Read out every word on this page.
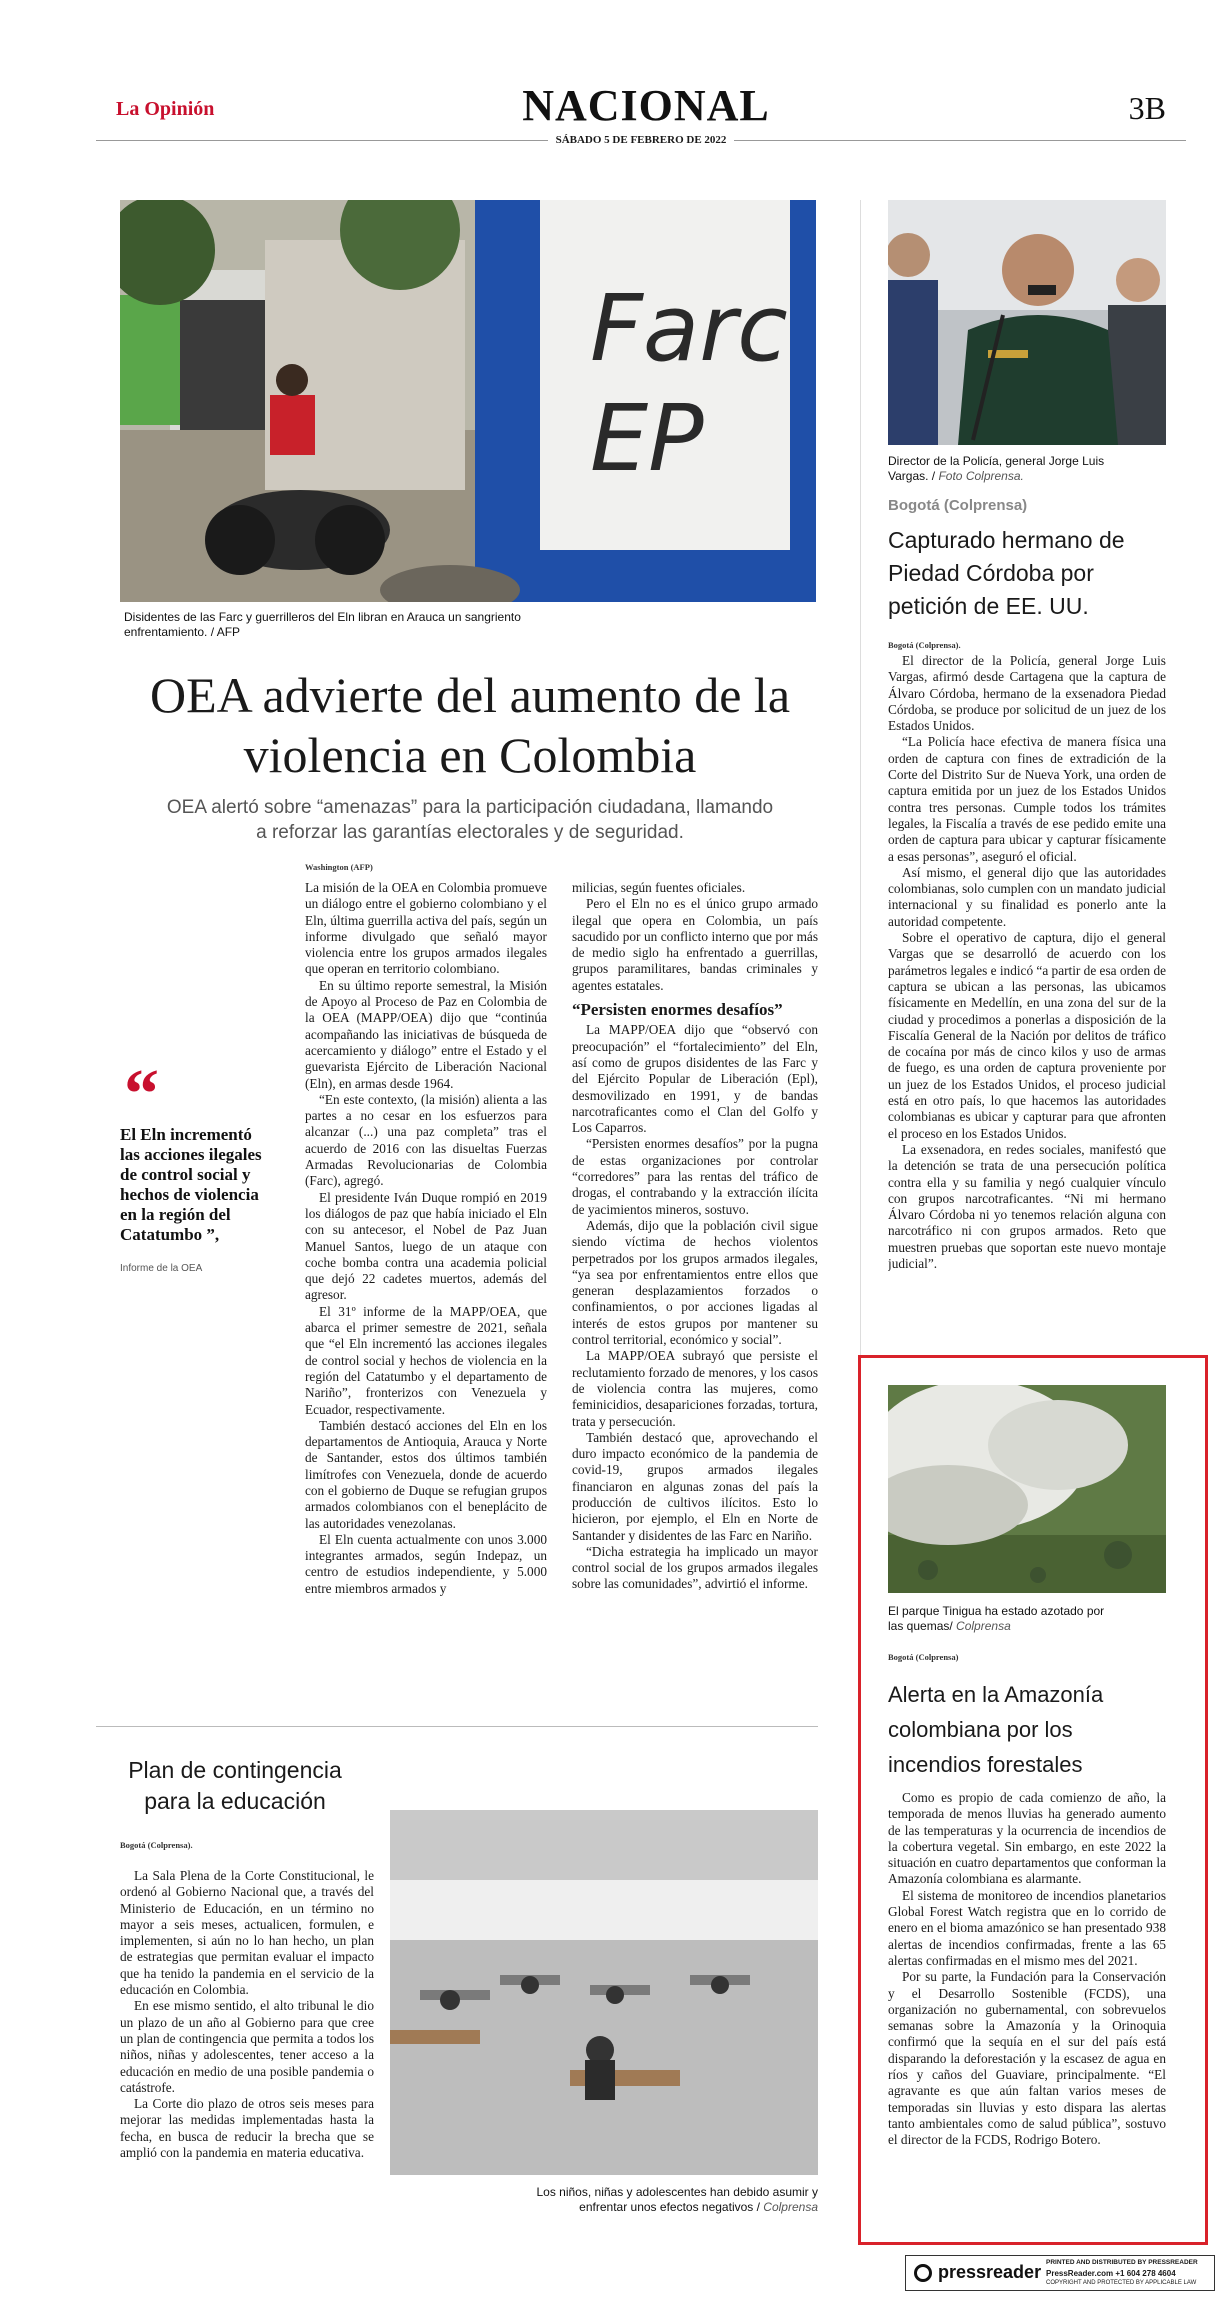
La Opinión	NACIONAL	3B
SÁBADO 5 DE FEBRERO DE 2022
Farc
EP
Disidentes de las Farc y guerrilleros del Eln libran en Arauca un sangriento enfrentamiento. / AFP
OEA advierte del aumento de la violencia en Colombia
OEA alertó sobre “amenazas” para la participación ciudadana, llamando a reforzar las garantías electorales y de seguridad.
“
El Eln incrementó las acciones ilegales de control social y hechos de violencia en la región del Catatumbo ”,
Informe de la OEA
Washington (AFP)

La misión de la OEA en Colombia promueve un diálogo entre el gobierno colombiano y el Eln, última guerrilla activa del país, según un informe divulgado que señaló mayor violencia entre los grupos armados ilegales que operan en territorio colombiano.

En su último reporte semestral, la Misión de Apoyo al Proceso de Paz en Colombia de la OEA (MAPP/OEA) dijo que “continúa acompañando las iniciativas de búsqueda de acercamiento y diálogo” entre el Estado y el guevarista Ejército de Liberación Nacional (Eln), en armas desde 1964.

“En este contexto, (la misión) alienta a las partes a no cesar en los esfuerzos para alcanzar (...) una paz completa” tras el acuerdo de 2016 con las disueltas Fuerzas Armadas Revolucionarias de Colombia (Farc), agregó.

El presidente Iván Duque rompió en 2019 los diálogos de paz que había iniciado el Eln con su antecesor, el Nobel de Paz Juan Manuel Santos, luego de un ataque con coche bomba contra una academia policial que dejó 22 cadetes muertos, además del agresor.

El 31º informe de la MAPP/OEA, que abarca el primer semestre de 2021, señala que “el Eln incrementó las acciones ilegales de control social y hechos de violencia en la región del Catatumbo y el departamento de Nariño”, fronterizos con Venezuela y Ecuador, respectivamente.

También destacó acciones del Eln en los departamentos de Antioquia, Arauca y Norte de Santander, estos dos últimos también limítrofes con Venezuela, donde de acuerdo con el gobierno de Duque se refugian grupos armados colombianos con el beneplácito de las autoridades venezolanas.

El Eln cuenta actualmente con unos 3.000 integrantes armados, según Indepaz, un centro de estudios independiente, y 5.000 entre miembros armados y

milicias, según fuentes oficiales.

Pero el Eln no es el único grupo armado ilegal que opera en Colombia, un país sacudido por un conflicto interno que por más de medio siglo ha enfrentado a guerrillas, grupos paramilitares, bandas criminales y agentes estatales.

“Persisten enormes desafíos”

La MAPP/OEA dijo que “observó con preocupación” el “fortalecimiento” del Eln, así como de grupos disidentes de las Farc y del Ejército Popular de Liberación (Epl), desmovilizado en 1991, y de bandas narcotraficantes como el Clan del Golfo y Los Caparros.

“Persisten enormes desafíos” por la pugna de estas organizaciones por controlar “corredores” para las rentas del tráfico de drogas, el contrabando y la extracción ilícita de yacimientos mineros, sostuvo.

Además, dijo que la población civil sigue siendo víctima de hechos violentos perpetrados por los grupos armados ilegales, “ya sea por enfrentamientos entre ellos que generan desplazamientos forzados o confinamientos, o por acciones ligadas al interés de estos grupos por mantener su control territorial, económico y social”.

La MAPP/OEA subrayó que persiste el reclutamiento forzado de menores, y los casos de violencia contra las mujeres, como feminicidios, desapariciones forzadas, tortura, trata y persecución.

También destacó que, aprovechando el duro impacto económico de la pandemia de covid-19, grupos armados ilegales financiaron en algunas zonas del país la producción de cultivos ilícitos. Esto lo hicieron, por ejemplo, el Eln en Norte de Santander y disidentes de las Farc en Nariño.

“Dicha estrategia ha implicado un mayor control social de los grupos armados ilegales sobre las comunidades”, advirtió el informe.

Director de la Policía, general Jorge Luis Vargas. / Foto Colprensa.
Bogotá (Colprensa)
Capturado hermano de Piedad Córdoba por petición de EE. UU.
Bogotá (Colprensa).

El director de la Policía, general Jorge Luis Vargas, afirmó desde Cartagena que la captura de Álvaro Córdoba, hermano de la exsenadora Piedad Córdoba, se produce por solicitud de un juez de los Estados Unidos.

“La Policía hace efectiva de manera física una orden de captura con fines de extradición de la Corte del Distrito Sur de Nueva York, una orden de captura emitida por un juez de los Estados Unidos contra tres personas. Cumple todos los trámites legales, la Fiscalía a través de ese pedido emite una orden de captura para ubicar y capturar físicamente a esas personas”, aseguró el oficial.

Así mismo, el general dijo que las autoridades colombianas, solo cumplen con un mandato judicial internacional y su finalidad es ponerlo ante la autoridad competente.

Sobre el operativo de captura, dijo el general Vargas que se desarrolló de acuerdo con los parámetros legales e indicó “a partir de esa orden de captura se ubican a las personas, las ubicamos físicamente en Medellín, en una zona del sur de la ciudad y procedimos a ponerlas a disposición de la Fiscalía General de la Nación por delitos de tráfico de cocaína por más de cinco kilos y uso de armas de fuego, es una orden de captura proveniente por un juez de los Estados Unidos, el proceso judicial está en otro país, lo que hacemos las autoridades colombianas es ubicar y capturar para que afronten el proceso en los Estados Unidos.

La exsenadora, en redes sociales, manifestó que la detención se trata de una persecución política contra ella y su familia y negó cualquier vínculo con grupos narcotraficantes. “Ni mi hermano Álvaro Córdoba ni yo tenemos relación alguna con narcotráfico ni con grupos armados. Reto que muestren pruebas que soportan este nuevo montaje judicial”.

El parque Tinigua ha estado azotado por las quemas/ Colprensa
Bogotá (Colprensa)
Alerta en la Amazonía colombiana por los incendios forestales

Como es propio de cada comienzo de año, la temporada de menos lluvias ha generado aumento de las temperaturas y la ocurrencia de incendios de la cobertura vegetal. Sin embargo, en este 2022 la situación en cuatro departamentos que conforman la Amazonía colombiana es alarmante.

El sistema de monitoreo de incendios planetarios Global Forest Watch registra que en lo corrido de enero en el bioma amazónico se han presentado 938 alertas de incendios confirmadas, frente a las 65 alertas confirmadas en el mismo mes del 2021.

Por su parte, la Fundación para la Conservación y el Desarrollo Sostenible (FCDS), una organización no gubernamental, con sobrevuelos semanas sobre la Amazonía y la Orinoquia confirmó que la sequía en el sur del país está disparando la deforestación y la escasez de agua en ríos y caños del Guaviare, principalmente. “El agravante es que aún faltan varios meses de temporadas sin lluvias y esto dispara las alertas tanto ambientales como de salud pública”, sostuvo el director de la FCDS, Rodrigo Botero.

Plan de contingencia para la educación
Bogotá (Colprensa).

La Sala Plena de la Corte Constitucional, le ordenó al Gobierno Nacional que, a través del Ministerio de Educación, en un término no mayor a seis meses, actualicen, formulen, e implementen, si aún no lo han hecho, un plan de estrategias que permitan evaluar el impacto que ha tenido la pandemia en el servicio de la educación en Colombia.

En ese mismo sentido, el alto tribunal le dio un plazo de un año al Gobierno para que cree un plan de contingencia que permita a todos los niños, niñas y adolescentes, tener acceso a la educación en medio de una posible pandemia o catástrofe.

La Corte dio plazo de otros seis meses para mejorar las medidas implementadas hasta la fecha, en busca de reducir la brecha que se amplió con la pandemia en materia educativa.

Los niños, niñas y adolescentes han debido asumir y enfrentar unos efectos negativos / Colprensa
pressreader PRINTED AND DISTRIBUTED BY PRESSREADER
PressReader.com +1 604 278 4604
COPYRIGHT AND PROTECTED BY APPLICABLE LAW
